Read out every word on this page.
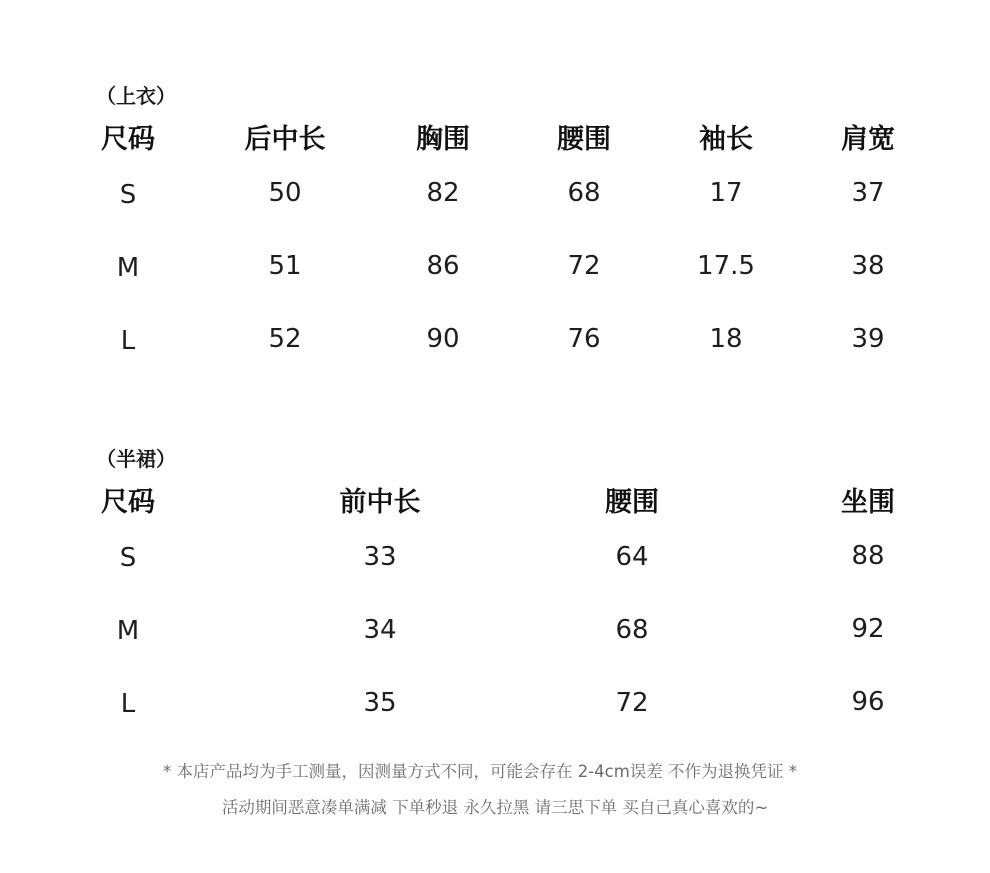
（上衣）
尺码	后中长	胸围	腰围	袖长	肩宽
S	50	82	68	17	37
M	51	86	72	17.5	38
L	52	90	76	18	39
（半裙）
尺码	前中长	腰围	坐围
S	33	64	88
M	34	68	92
L	35	72	96
* 本店产品均为手工测量，因测量方式不同，可能会存在 2-4cm误差 不作为退换凭证 *
活动期间恶意凑单满减 下单秒退 永久拉黑 请三思下单 买自己真心喜欢的~
